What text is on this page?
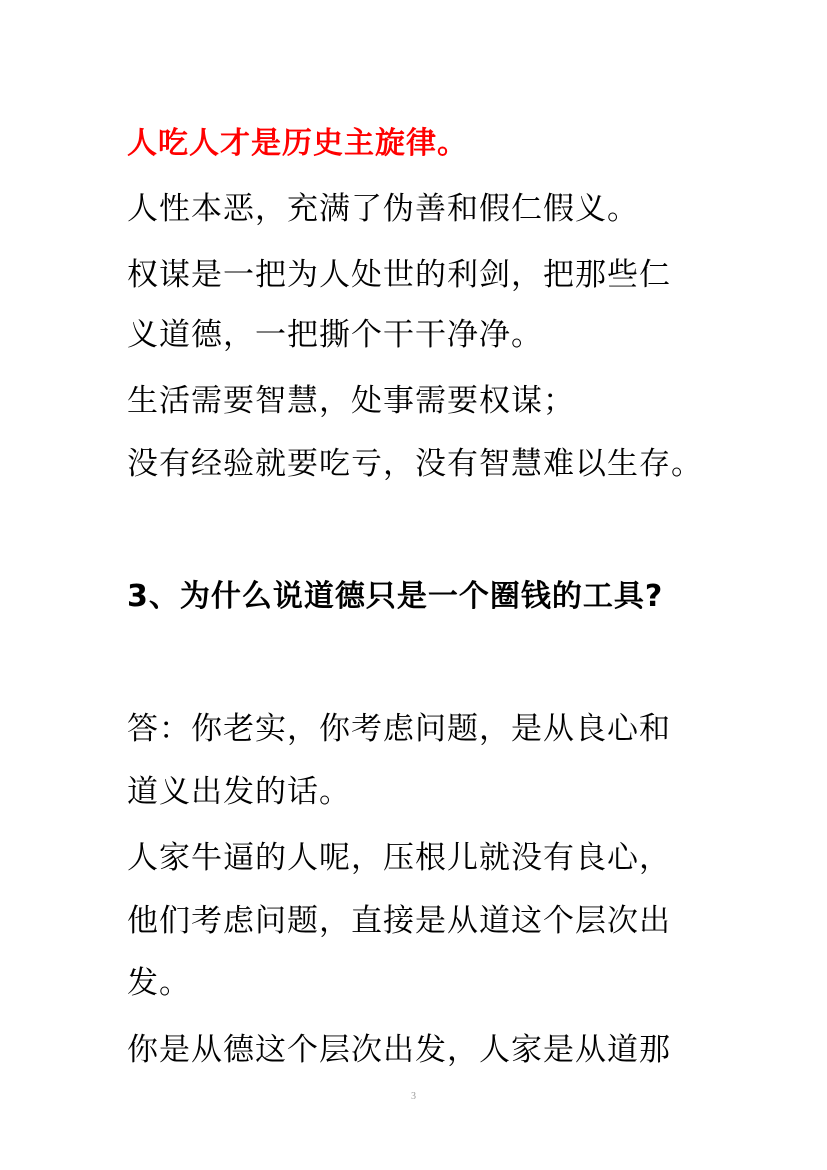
人吃人才是历史主旋律。
人性本恶，充满了伪善和假仁假义。
权谋是一把为人处世的利剑，把那些仁
义道德，一把撕个干干净净。
生活需要智慧，处事需要权谋；
没有经验就要吃亏，没有智慧难以生存。
3、为什么说道德只是一个圈钱的工具?
答：你老实，你考虑问题，是从良心和
道义出发的话。
人家牛逼的人呢，压根儿就没有良心，
他们考虑问题，直接是从道这个层次出
发。
你是从德这个层次出发，人家是从道那
3
